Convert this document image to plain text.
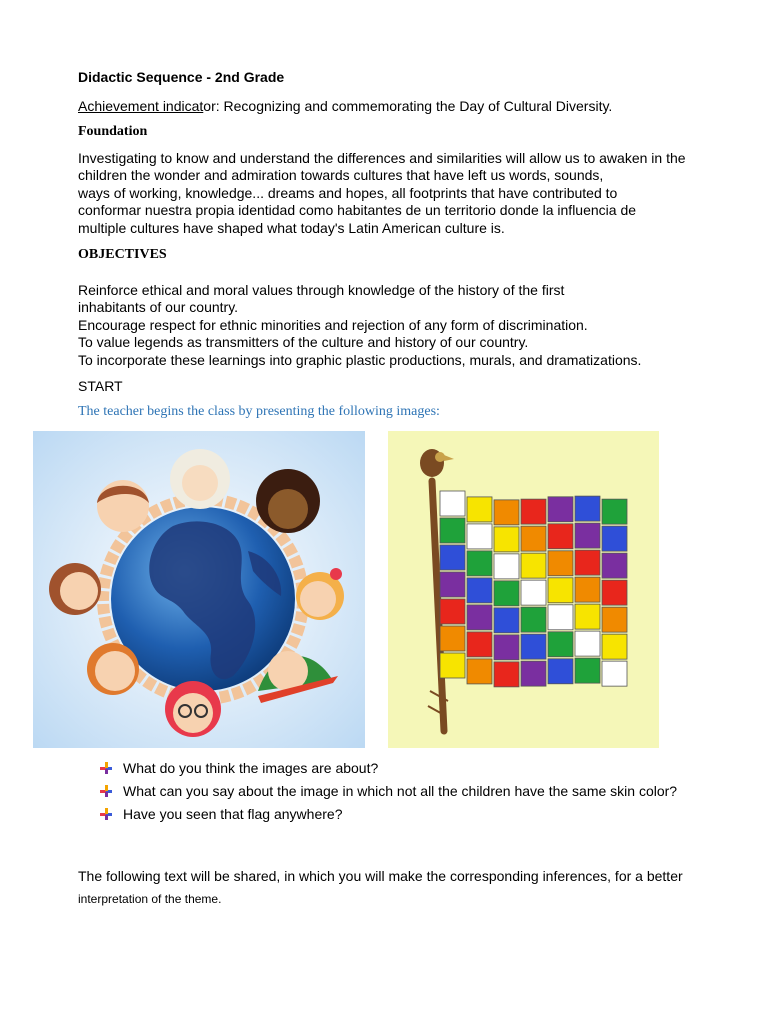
Didactic Sequence - 2nd Grade
Achievement indicator: Recognizing and commemorating the Day of Cultural Diversity.
Foundation
Investigating to know and understand the differences and similarities will allow us to awaken in the
children the wonder and admiration towards cultures that have left us words, sounds,
ways of working, knowledge... dreams and hopes, all footprints that have contributed to
conformar nuestra propia identidad como habitantes de un territorio donde la influencia de
multiple cultures have shaped what today's Latin American culture is.
OBJECTIVES
Reinforce ethical and moral values through knowledge of the history of the first
inhabitants of our country.
Encourage respect for ethnic minorities and rejection of any form of discrimination.
To value legends as transmitters of the culture and history of our country.
To incorporate these learnings into graphic plastic productions, murals, and dramatizations.
START
The teacher begins the class by presenting the following images:
What do you think the images are about?
What can you say about the image in which not all the children have the same skin color?
Have you seen that flag anywhere?
The following text will be shared, in which you will make the corresponding inferences, for a better
interpretation of the theme.
